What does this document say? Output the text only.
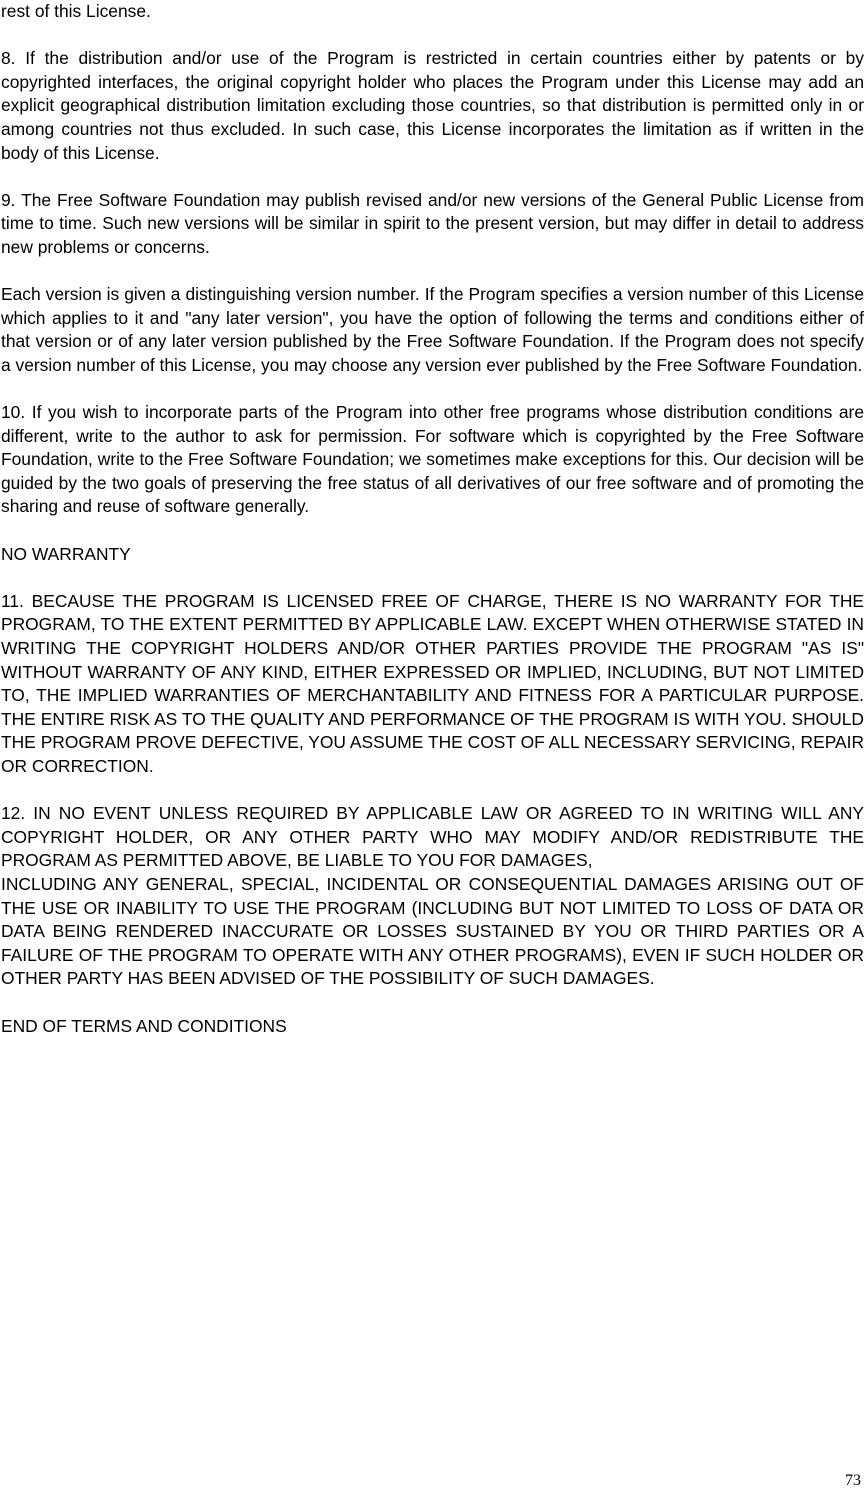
rest of this License.

8. If the distribution and/or use of the Program is restricted in certain countries either by patents or by copyrighted interfaces, the original copyright holder who places the Program under this License may add an explicit geographical distribution limitation excluding those countries, so that distribution is permitted only in or among countries not thus excluded. In such case, this License incorporates the limitation as if written in the body of this License.

9. The Free Software Foundation may publish revised and/or new versions of the General Public License from time to time. Such new versions will be similar in spirit to the present version, but may differ in detail to address new problems or concerns.

Each version is given a distinguishing version number. If the Program specifies a version number of this License which applies to it and "any later version", you have the option of following the terms and conditions either of that version or of any later version published by the Free Software Foundation. If the Program does not specify a version number of this License, you may choose any version ever published by the Free Software Foundation.

10. If you wish to incorporate parts of the Program into other free programs whose distribution conditions are different, write to the author to ask for permission. For software which is copyrighted by the Free Software Foundation, write to the Free Software Foundation; we sometimes make exceptions for this. Our decision will be guided by the two goals of preserving the free status of all derivatives of our free software and of promoting the sharing and reuse of software generally.

NO WARRANTY

11. BECAUSE THE PROGRAM IS LICENSED FREE OF CHARGE, THERE IS NO WARRANTY FOR THE PROGRAM, TO THE EXTENT PERMITTED BY APPLICABLE LAW. EXCEPT WHEN OTHERWISE STATED IN WRITING THE COPYRIGHT HOLDERS AND/OR OTHER PARTIES PROVIDE THE PROGRAM "AS IS" WITHOUT WARRANTY OF ANY KIND, EITHER EXPRESSED OR IMPLIED, INCLUDING, BUT NOT LIMITED TO, THE IMPLIED WARRANTIES OF MERCHANTABILITY AND FITNESS FOR A PARTICULAR PURPOSE. THE ENTIRE RISK AS TO THE QUALITY AND PERFORMANCE OF THE PROGRAM IS WITH YOU. SHOULD THE PROGRAM PROVE DEFECTIVE, YOU ASSUME THE COST OF ALL NECESSARY SERVICING, REPAIR OR CORRECTION.

12. IN NO EVENT UNLESS REQUIRED BY APPLICABLE LAW OR AGREED TO IN WRITING WILL ANY COPYRIGHT HOLDER, OR ANY OTHER PARTY WHO MAY MODIFY AND/OR REDISTRIBUTE THE PROGRAM AS PERMITTED ABOVE, BE LIABLE TO YOU FOR DAMAGES,

INCLUDING ANY GENERAL, SPECIAL, INCIDENTAL OR CONSEQUENTIAL DAMAGES ARISING OUT OF THE USE OR INABILITY TO USE THE PROGRAM (INCLUDING BUT NOT LIMITED TO LOSS OF DATA OR DATA BEING RENDERED INACCURATE OR LOSSES SUSTAINED BY YOU OR THIRD PARTIES OR A FAILURE OF THE PROGRAM TO OPERATE WITH ANY OTHER PROGRAMS), EVEN IF SUCH HOLDER OR OTHER PARTY HAS BEEN ADVISED OF THE POSSIBILITY OF SUCH DAMAGES.

END OF TERMS AND CONDITIONS

73
